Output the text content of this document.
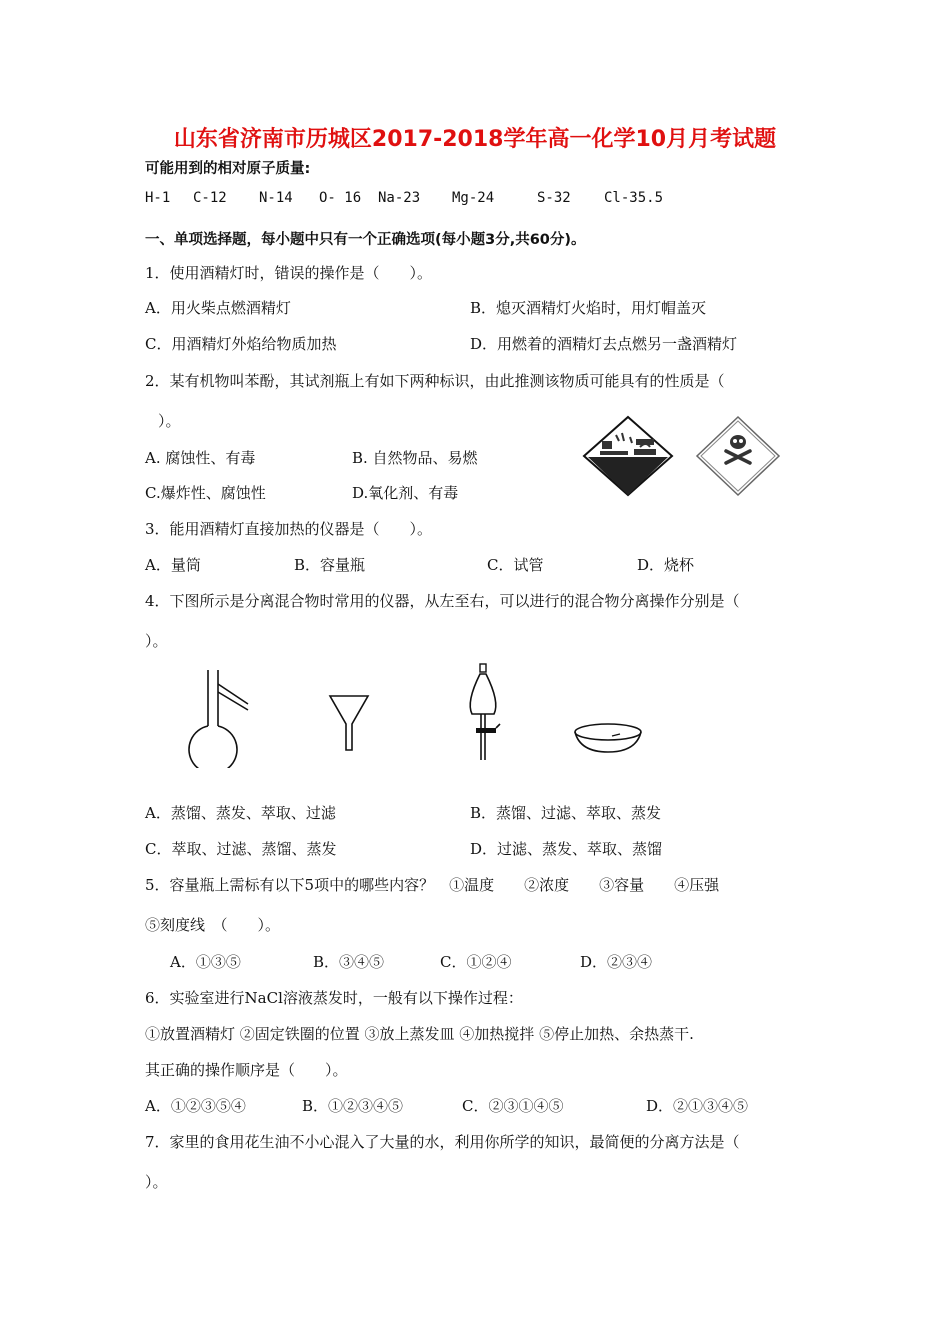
山东省济南市历城区2017-2018学年高一化学10月月考试题
可能用到的相对原子质量:
H-1 C-12 N-14 O- 16 Na-23 Mg-24	S-32 Cl-35.5
一、单项选择题，每小题中只有一个正确选项(每小题3分,共60分)。
1．使用酒精灯时，错误的操作是（　　）。
A．用火柴点燃酒精灯	B．熄灭酒精灯火焰时，用灯帽盖灭
C．用酒精灯外焰给物质加热	D．用燃着的酒精灯去点燃另一盏酒精灯
2．某有机物叫苯酚，其试剂瓶上有如下两种标识，由此推测该物质可能具有的性质是（
）。
A. 腐蚀性、有毒	B. 自然物品、易燃
C.爆炸性、腐蚀性	D.氧化剂、有毒
3．能用酒精灯直接加热的仪器是（　　）。
A．量筒	B．容量瓶	C．试管	D．烧杯
4．下图所示是分离混合物时常用的仪器，从左至右，可以进行的混合物分离操作分别是（
）。
A．蒸馏、蒸发、萃取、过滤	B．蒸馏、过滤、萃取、蒸发
C．萃取、过滤、蒸馏、蒸发	D．过滤、蒸发、萃取、蒸馏
5．容量瓶上需标有以下5项中的哪些内容？　①温度　　②浓度　　③容量　　④压强
⑤刻度线　（　　）。
A．①③⑤	B．③④⑤	C．①②④	D．②③④
6．实验室进行NaCl溶液蒸发时，一般有以下操作过程：
①放置酒精灯 ②固定铁圈的位置 ③放上蒸发皿 ④加热搅拌 ⑤停止加热、余热蒸干.
其正确的操作顺序是（　　）。
A．①②③⑤④	B．①②③④⑤	C．②③①④⑤	D．②①③④⑤
7．家里的食用花生油不小心混入了大量的水，利用你所学的知识，最简便的分离方法是（
）。
